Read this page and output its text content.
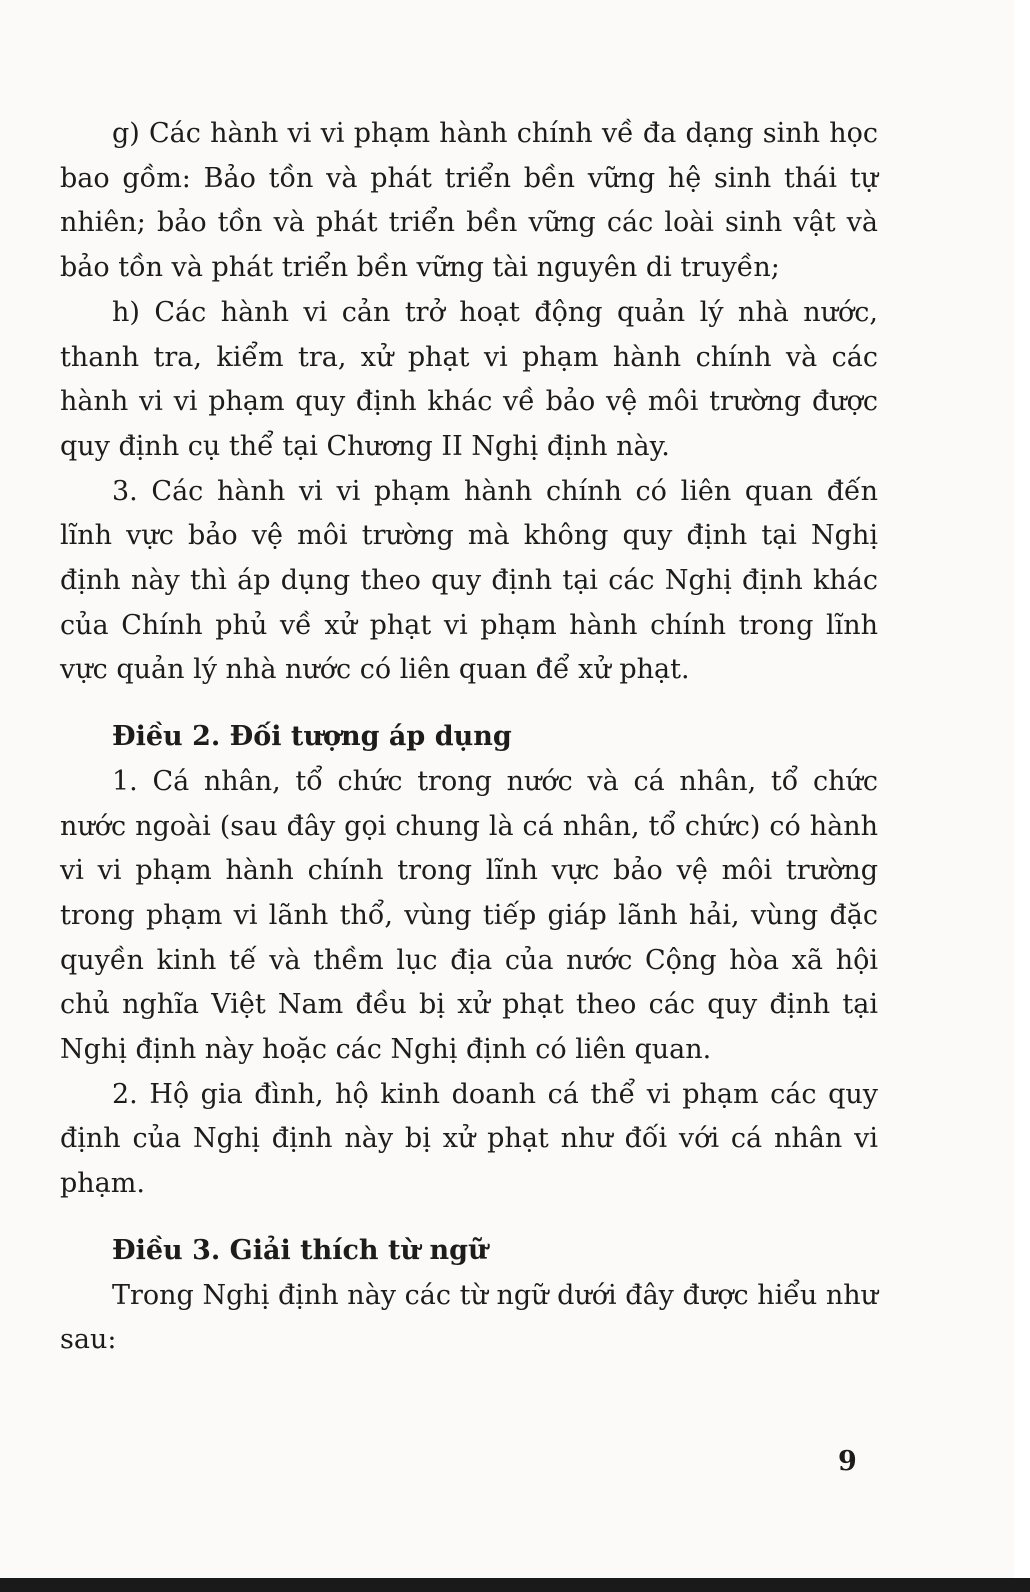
g) Các hành vi vi phạm hành chính về đa dạng sinh học bao gồm: Bảo tồn và phát triển bền vững hệ sinh thái tự nhiên; bảo tồn và phát triển bền vững các loài sinh vật và bảo tồn và phát triển bền vững tài nguyên di truyền;

h) Các hành vi cản trở hoạt động quản lý nhà nước, thanh tra, kiểm tra, xử phạt vi phạm hành chính và các hành vi vi phạm quy định khác về bảo vệ môi trường được quy định cụ thể tại Chương II Nghị định này.

3. Các hành vi vi phạm hành chính có liên quan đến lĩnh vực bảo vệ môi trường mà không quy định tại Nghị định này thì áp dụng theo quy định tại các Nghị định khác của Chính phủ về xử phạt vi phạm hành chính trong lĩnh vực quản lý nhà nước có liên quan để xử phạt.

Điều 2. Đối tượng áp dụng

1. Cá nhân, tổ chức trong nước và cá nhân, tổ chức nước ngoài (sau đây gọi chung là cá nhân, tổ chức) có hành vi vi phạm hành chính trong lĩnh vực bảo vệ môi trường trong phạm vi lãnh thổ, vùng tiếp giáp lãnh hải, vùng đặc quyền kinh tế và thềm lục địa của nước Cộng hòa xã hội chủ nghĩa Việt Nam đều bị xử phạt theo các quy định tại Nghị định này hoặc các Nghị định có liên quan.

2. Hộ gia đình, hộ kinh doanh cá thể vi phạm các quy định của Nghị định này bị xử phạt như đối với cá nhân vi phạm.

Điều 3. Giải thích từ ngữ

Trong Nghị định này các từ ngữ dưới đây được hiểu như sau:

9
